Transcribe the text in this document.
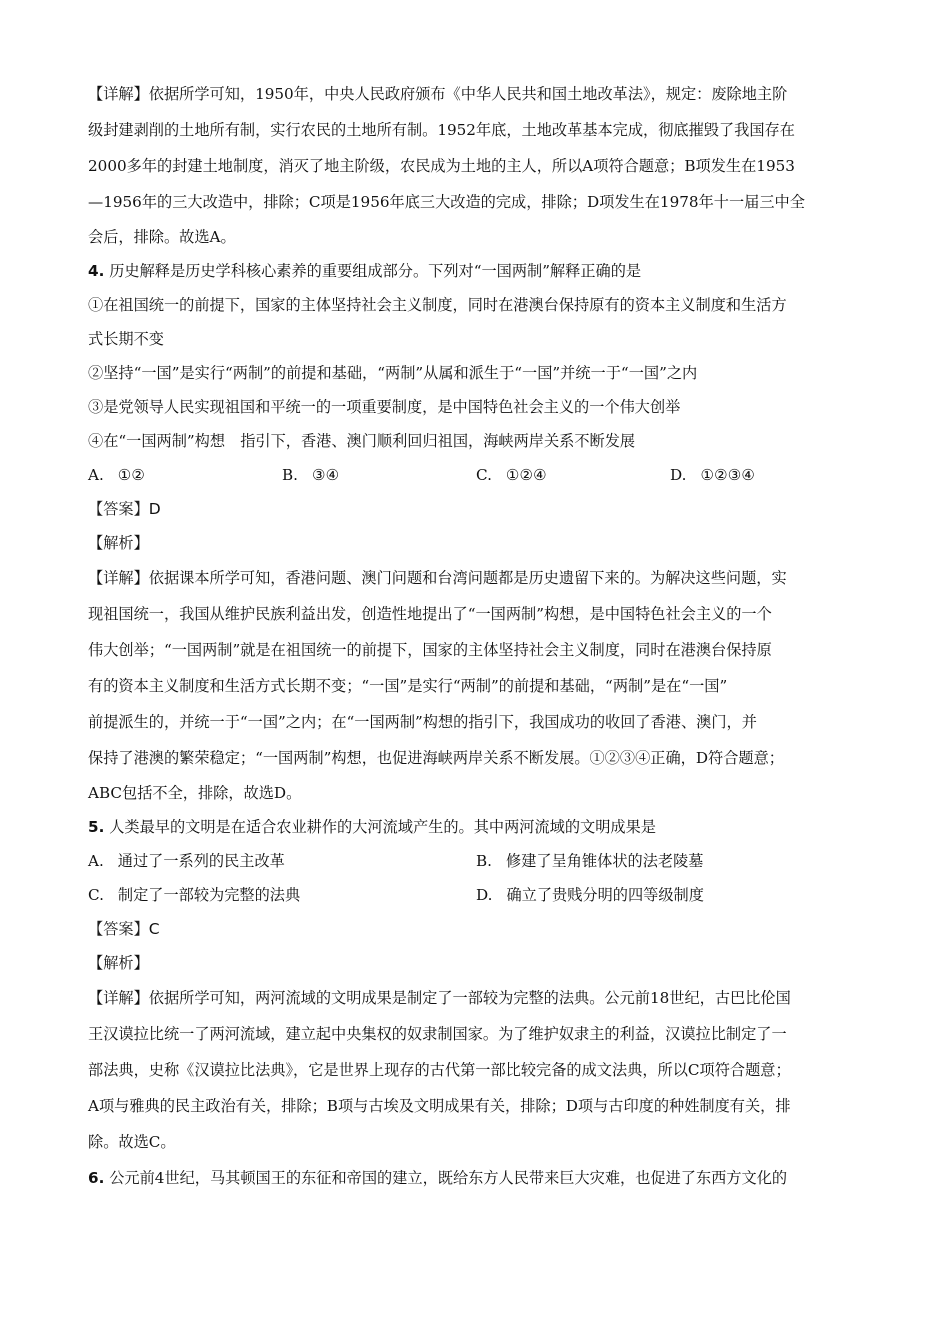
【详解】依据所学可知，1950年，中央人民政府颁布《中华人民共和国土地改革法》，规定：废除地主阶
级封建剥削的土地所有制，实行农民的土地所有制。1952年底，土地改革基本完成，彻底摧毁了我国存在
2000多年的封建土地制度，消灭了地主阶级，农民成为土地的主人，所以A项符合题意；B项发生在1953
—1956年的三大改造中，排除；C项是1956年底三大改造的完成，排除；D项发生在1978年十一届三中全
会后，排除。故选A。
4. 历史解释是历史学科核心素养的重要组成部分。下列对“一国两制”解释正确的是
①在祖国统一的前提下，国家的主体坚持社会主义制度，同时在港澳台保持原有的资本主义制度和生活方
式长期不变
②坚持“一国”是实行“两制”的前提和基础，“两制”从属和派生于“一国”并统一于“一国”之内
③是党领导人民实现祖国和平统一的一项重要制度，是中国特色社会主义的一个伟大创举
④在“一国两制”构想　指引下，香港、澳门顺利回归祖国，海峡两岸关系不断发展
A. ①②	B. ③④	C. ①②④	D. ①②③④
【答案】D
【解析】
【详解】依据课本所学可知，香港问题、澳门问题和台湾问题都是历史遗留下来的。为解决这些问题，实
现祖国统一，我国从维护民族利益出发，创造性地提出了“一国两制”构想，是中国特色社会主义的一个
伟大创举；“一国两制”就是在祖国统一的前提下，国家的主体坚持社会主义制度，同时在港澳台保持原
有的资本主义制度和生活方式长期不变；“一国”是实行“两制”的前提和基础，“两制”是在“一国”
前提派生的，并统一于“一国”之内；在“一国两制”构想的指引下，我国成功的收回了香港、澳门，并
保持了港澳的繁荣稳定；“一国两制”构想，也促进海峡两岸关系不断发展。①②③④正确，D符合题意；
ABC包括不全，排除，故选D。
5. 人类最早的文明是在适合农业耕作的大河流域产生的。其中两河流域的文明成果是
A. 通过了一系列的民主改革	B. 修建了呈角锥体状的法老陵墓
C. 制定了一部较为完整的法典	D. 确立了贵贱分明的四等级制度
【答案】C
【解析】
【详解】依据所学可知，两河流域的文明成果是制定了一部较为完整的法典。公元前18世纪，古巴比伦国
王汉谟拉比统一了两河流域，建立起中央集权的奴隶制国家。为了维护奴隶主的利益，汉谟拉比制定了一
部法典，史称《汉谟拉比法典》，它是世界上现存的古代第一部比较完备的成文法典，所以C项符合题意；
A项与雅典的民主政治有关，排除；B项与古埃及文明成果有关，排除；D项与古印度的种姓制度有关，排
除。故选C。
6. 公元前4世纪，马其顿国王的东征和帝国的建立，既给东方人民带来巨大灾难，也促进了东西方文化的
